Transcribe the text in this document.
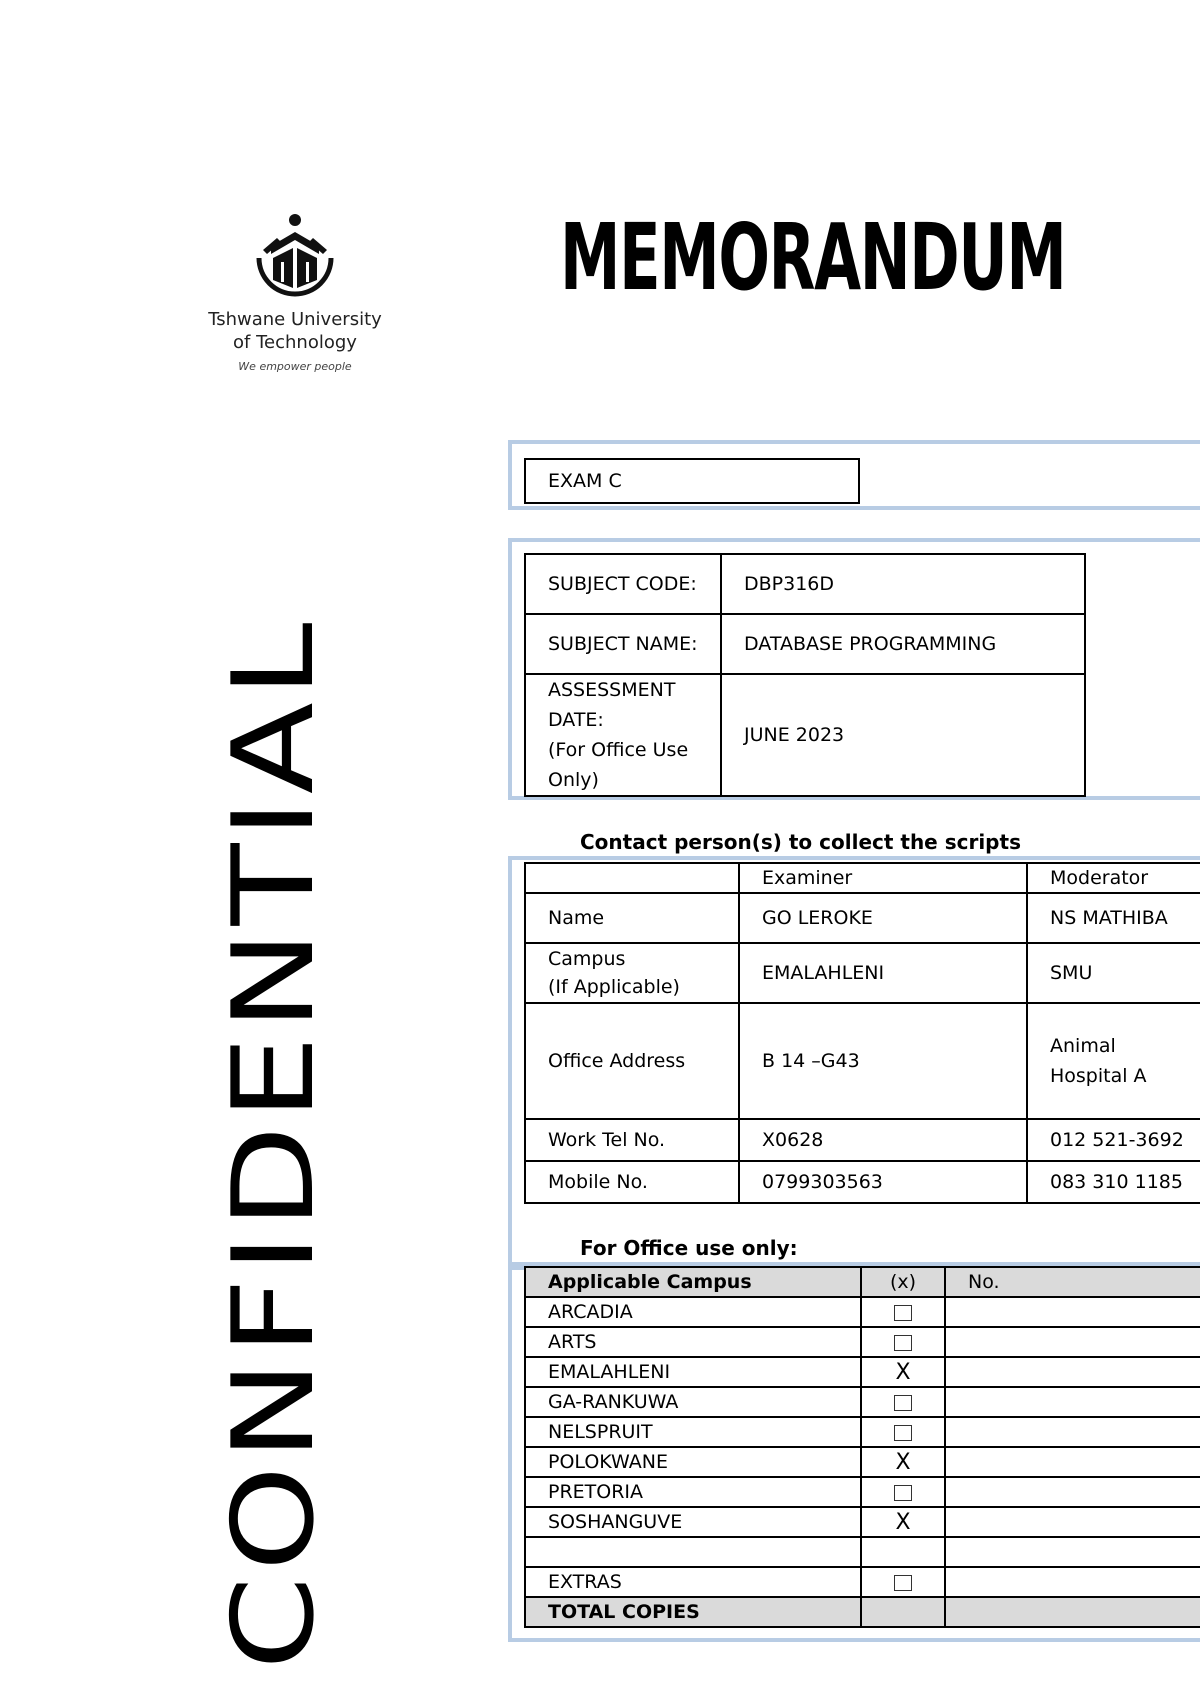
Tshwane University
of Technology
We empower people
MEMORANDUM
CONFIDENTIAL
EXAM C
SUBJECT CODE:	DBP316D
SUBJECT NAME:	DATABASE PROGRAMMING

ASSESSMENT DATE:
(For Office Use Only)	JUNE 2023
Contact person(s) to collect the scripts
	Examiner	Moderator
Name	GO LEROKE	NS MATHIBA

Campus
(If Applicable)	EMALAHLENI	SMU
Office Address	B 14 –G43	Animal Hospital A
Work Tel No.	X0628	012 521-3692
Mobile No.	0799303563	083 310 1185
For Office use only:
Applicable Campus	(x)	No.
ARCADIA		
ARTS		
EMALAHLENI	X	
GA-RANKUWA		
NELSPRUIT		
POLOKWANE	X	
PRETORIA		
SOSHANGUVE	X	

EXTRAS		
TOTAL COPIES		
